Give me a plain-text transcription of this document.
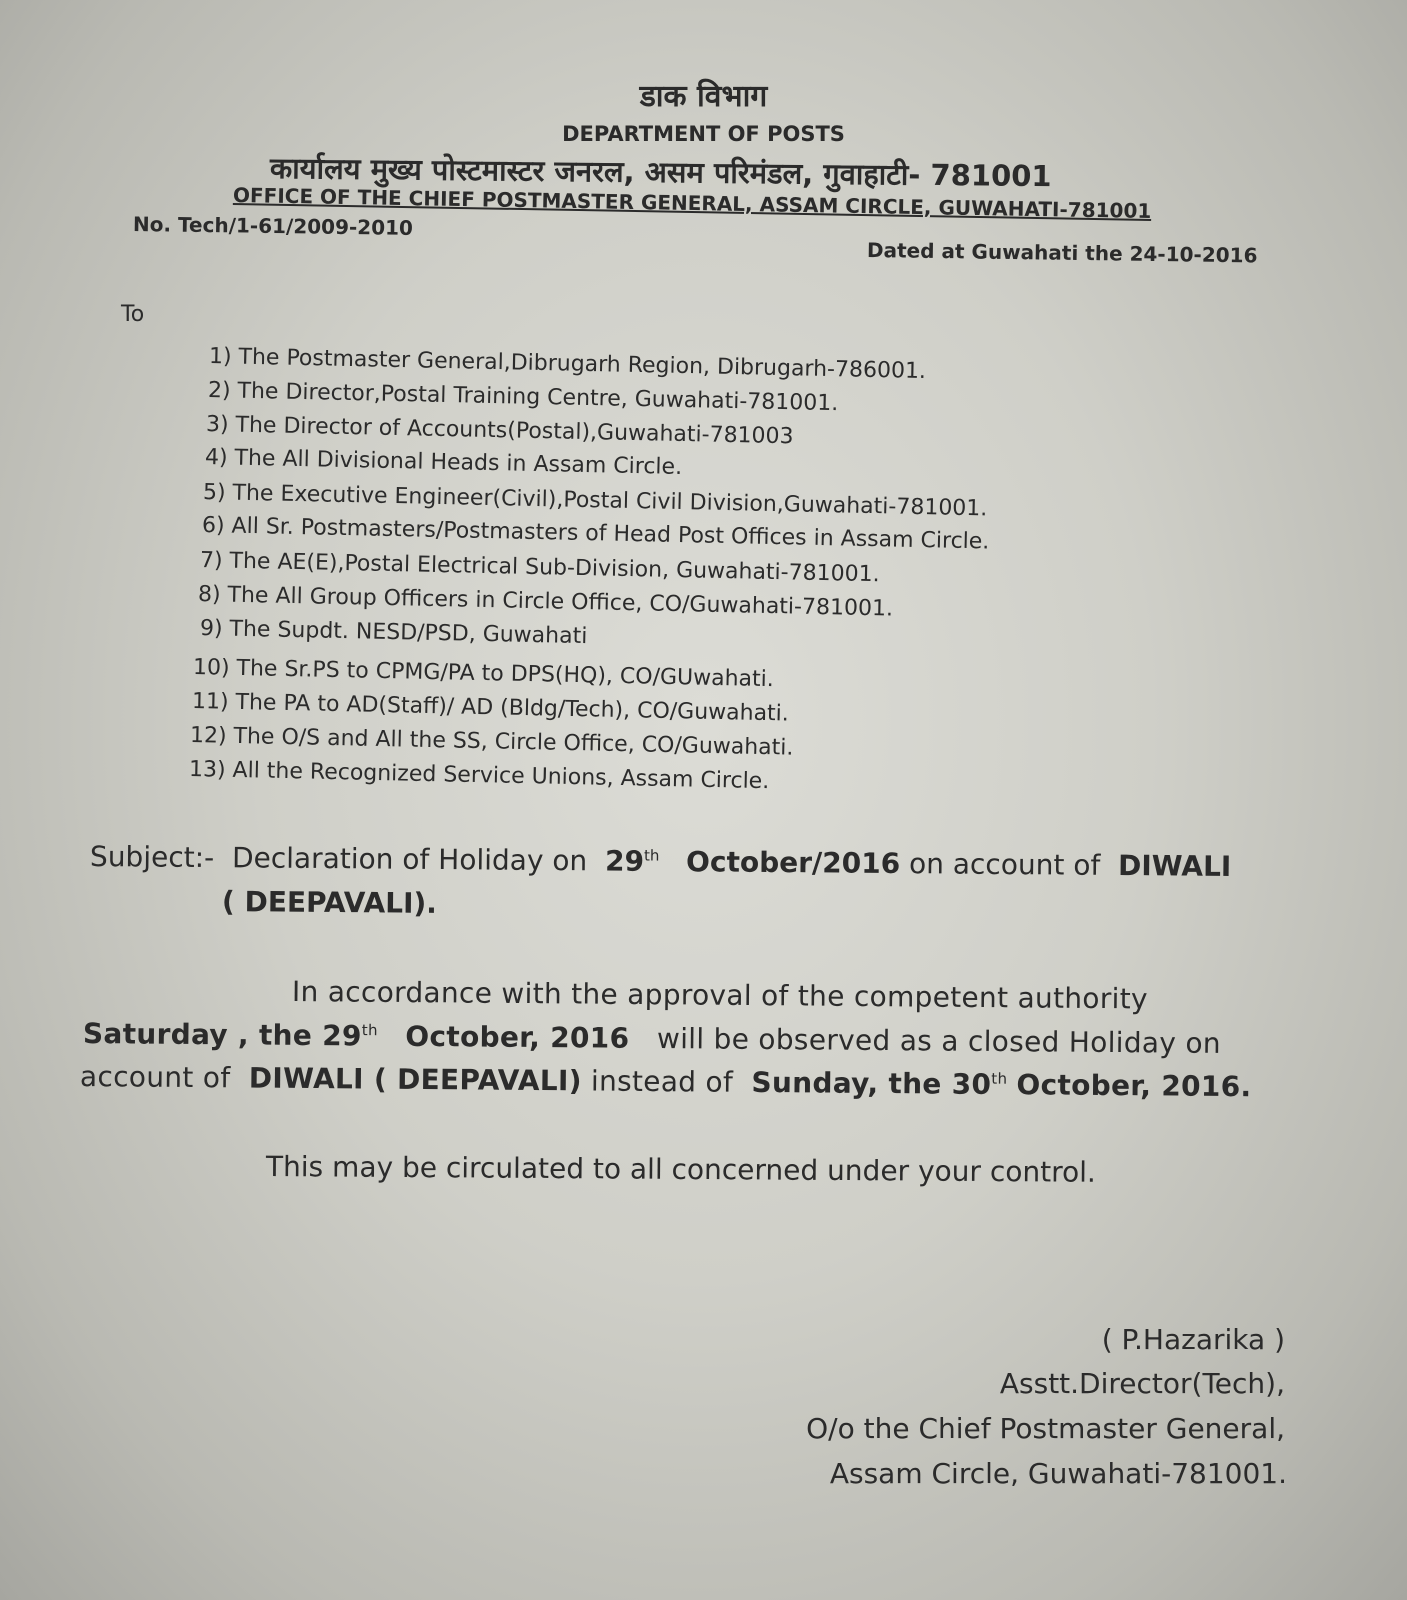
डाक विभाग
DEPARTMENT OF POSTS
कार्यालय मुख्य पोस्टमास्टर जनरल, असम परिमंडल, गुवाहाटी- 781001
OFFICE OF THE CHIEF POSTMASTER GENERAL, ASSAM CIRCLE, GUWAHATI-781001
No. Tech/1-61/2009-2010
Dated at Guwahati the 24-10-2016
To
1) The Postmaster General,Dibrugarh Region, Dibrugarh-786001.
2) The Director,Postal Training Centre, Guwahati-781001.
3) The Director of Accounts(Postal),Guwahati-781003
4) The All Divisional Heads in Assam Circle.
5) The Executive Engineer(Civil),Postal Civil Division,Guwahati-781001.
6) All Sr. Postmasters/Postmasters of Head Post Offices in Assam Circle.
7) The AE(E),Postal Electrical Sub-Division, Guwahati-781001.
8) The All Group Officers in Circle Office, CO/Guwahati-781001.
9) The Supdt. NESD/PSD, Guwahati
10) The Sr.PS to CPMG/PA to DPS(HQ), CO/GUwahati.
11) The PA to AD(Staff)/ AD (Bldg/Tech), CO/Guwahati.
12) The O/S and All the SS, Circle Office, CO/Guwahati.
13) All the Recognized Service Unions, Assam Circle.
Subject:- Declaration of Holiday on 29th October/2016 on account of DIWALI
( DEEPAVALI).
In accordance with the approval of the competent authority
Saturday , the 29th October, 2016 will be observed as a closed Holiday on
account of DIWALI ( DEEPAVALI) instead of Sunday, the 30th October, 2016.
This may be circulated to all concerned under your control.
( P.Hazarika )
Asstt.Director(Tech),
O/o the Chief Postmaster General,
Assam Circle, Guwahati-781001.
